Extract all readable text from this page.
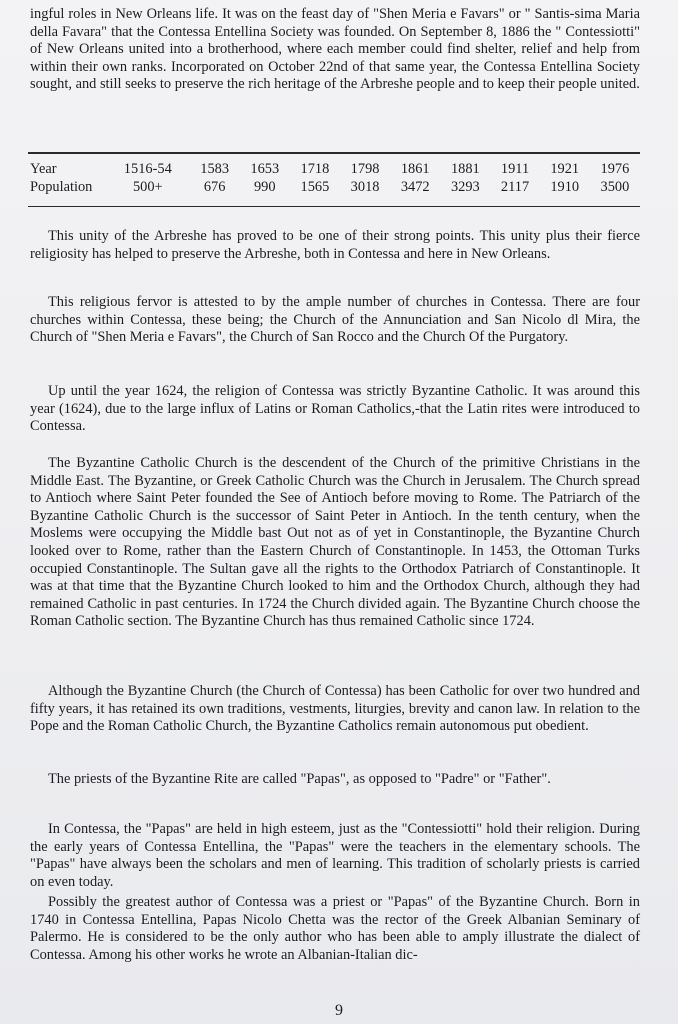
ingful roles in New Orleans life. It was on the feast day of "Shen Meria e Favars" or " Santis-sima Maria della Favara" that the Contessa Entellina Society was founded. On September 8, 1886 the " Contessiotti" of New Orleans united into a brotherhood, where each member could find shelter, relief and help from within their own ranks. Incorporated on October 22nd of that same year, the Contessa Entellina Society sought, and still seeks to preserve the rich heritage of the Arbreshe people and to keep their people united.

Year	1516-54	1583	1653	1718	1798	1861	1881	1911	1921	1976
Population	500+	676	990	1565	3018	3472	3293	2117	1910	3500

This unity of the Arbreshe has proved to be one of their strong points. This unity plus their fierce religiosity has helped to preserve the Arbreshe, both in Contessa and here in New Orleans.

This religious fervor is attested to by the ample number of churches in Contessa. There are four churches within Contessa, these being; the Church of the Annunciation and San Nicolo dl Mira, the Church of "Shen Meria e Favars", the Church of San Rocco and the Church Of the Purgatory.

Up until the year 1624, the religion of Contessa was strictly Byzantine Catholic. It was around this year (1624), due to the large influx of Latins or Roman Catholics,-that the Latin rites were introduced to Contessa.

The Byzantine Catholic Church is the descendent of the Church of the primitive Christians in the Middle East. The Byzantine, or Greek Catholic Church was the Church in Jerusalem. The Church spread to Antioch where Saint Peter founded the See of Antioch before moving to Rome. The Patriarch of the Byzantine Catholic Church is the successor of Saint Peter in Antioch. In the tenth century, when the Moslems were occupying the Middle bast Out not as of yet in Constantinople, the Byzantine Church looked over to Rome, rather than the Eastern Church of Constantinople. In 1453, the Ottoman Turks occupied Constantinople. The Sultan gave all the rights to the Orthodox Patriarch of Constantinople. It was at that time that the Byzantine Church looked to him and the Orthodox Church, although they had remained Catholic in past centuries. In 1724 the Church divided again. The Byzantine Church choose the Roman Catholic section. The Byzantine Church has thus remained Catholic since 1724.

Although the Byzantine Church (the Church of Contessa) has been Catholic for over two hundred and fifty years, it has retained its own traditions, vestments, liturgies, brevity and canon law. In relation to the Pope and the Roman Catholic Church, the Byzantine Catholics remain autonomous put obedient.

The priests of the Byzantine Rite are called "Papas", as opposed to "Padre" or "Father".

In Contessa, the "Papas" are held in high esteem, just as the "Contessiotti" hold their religion. During the early years of Contessa Entellina, the "Papas" were the teachers in the elementary schools. The "Papas" have always been the scholars and men of learning. This tradition of scholarly priests is carried on even today.

Possibly the greatest author of Contessa was a priest or "Papas" of the Byzantine Church. Born in 1740 in Contessa Entellina, Papas Nicolo Chetta was the rector of the Greek Albanian Seminary of Palermo. He is considered to be the only author who has been able to amply illustrate the dialect of Contessa. Among his other works he wrote an Albanian-Italian dic-

9
